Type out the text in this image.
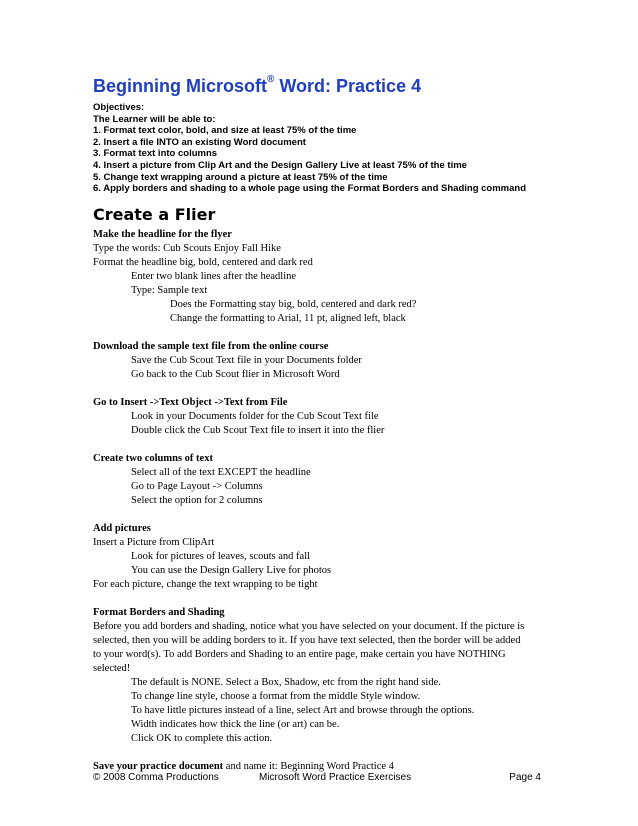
Beginning Microsoft® Word: Practice 4
Objectives:
The Learner will be able to:
1. Format text color, bold, and size at least 75% of the time
2. Insert a file INTO an existing Word document
3. Format text into columns
4. Insert a picture from Clip Art and the Design Gallery Live at least 75% of the time
5. Change text wrapping around a picture at least 75% of the time
6. Apply borders and shading to a whole page using the Format Borders and Shading command
Create a Flier
Make the headline for the flyer
Type the words: Cub Scouts Enjoy Fall Hike
Format the headline big, bold, centered and dark red
Enter two blank lines after the headline
Type: Sample text
Does the Formatting stay big, bold, centered and dark red?
Change the formatting to Arial, 11 pt, aligned left, black
Download the sample text file from the online course
Save the Cub Scout Text file in your Documents folder
Go back to the Cub Scout flier in Microsoft Word
Go to Insert ->Text Object ->Text from File
Look in your Documents folder for the Cub Scout Text file
Double click the Cub Scout Text file to insert it into the flier
Create two columns of text
Select all of the text EXCEPT the headline
Go to Page Layout -> Columns
Select the option for 2 columns
Add pictures
Insert a Picture from ClipArt
Look for pictures of leaves, scouts and fall
You can use the Design Gallery Live for photos
For each picture, change the text wrapping to be tight
Format Borders and Shading
Before you add borders and shading, notice what you have selected on your document. If the picture is
selected, then you will be adding borders to it. If you have text selected, then the border will be added
to your word(s). To add Borders and Shading to an entire page, make certain you have NOTHING
selected!
The default is NONE. Select a Box, Shadow, etc from the right hand side.
To change line style, choose a format from the middle Style window.
To have little pictures instead of a line, select Art and browse through the options.
Width indicates how thick the line (or art) can be.
Click OK to complete this action.
Save your practice document and name it: Beginning Word Practice 4
© 2008 Comma Productions	Microsoft Word Practice Exercises	Page 4
